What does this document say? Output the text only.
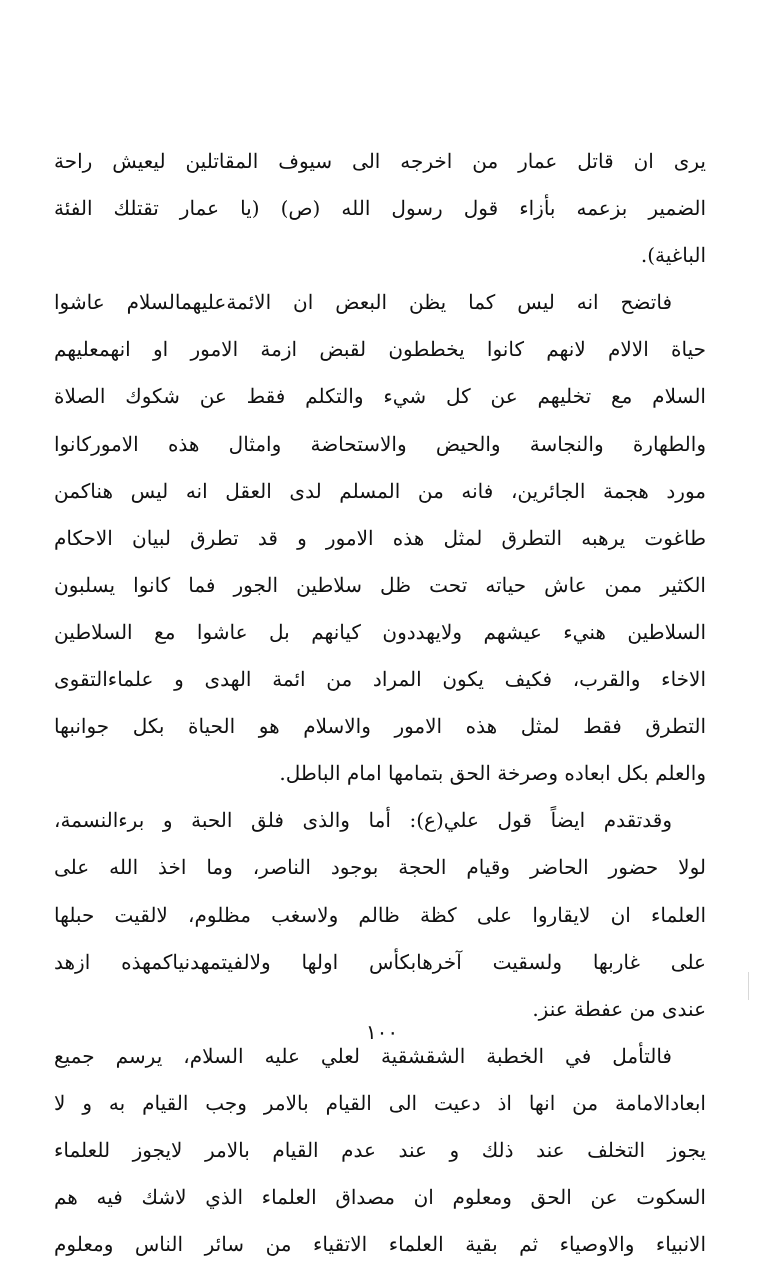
يرى ان قاتل عمار من اخرجه الى سيوف المقاتلين ليعيش راحة
الضمير بزعمه بأزاء قول رسول الله (ص) (يا عمار تقتلك الفئة
الباغية).
فاتضح انه ليس كما يظن البعض ان الائمةعليهمالسلام عاشوا
حياة الالام لانهم كانوا يخططون لقبض ازمة الامور او انهمعليهم
السلام مع تخليهم عن كل شيء والتكلم فقط عن شكوك الصلاة
والطهارة والنجاسة والحيض والاستحاضة وامثال هذه الاموركانوا
مورد هجمة الجائرين، فانه من المسلم لدى العقل انه ليس هناكمن
طاغوت يرهبه التطرق لمثل هذه الامور و قد تطرق لبيان الاحكام
الكثير ممن عاش حياته تحت ظل سلاطين الجور فما كانوا يسلبون
السلاطين هنيء عيشهم ولايهددون كيانهم بل عاشوا مع السلاطين
الاخاء والقرب، فكيف يكون المراد من ائمة الهدى و علماءالتقوى
التطرق فقط لمثل هذه الامور والاسلام هو الحياة بكل جوانبها
والعلم بكل ابعاده وصرخة الحق بتمامها امام الباطل.
وقدتقدم ايضاً قول علي(ع): أما والذى فلق الحبة و برءالنسمة،
لولا حضور الحاضر وقيام الحجة بوجود الناصر، وما اخذ الله على
العلماء ان لايقاروا على كظة ظالم ولاسغب مظلوم، لالقيت حبلها
على غاربها ولسقيت آخرهابكأس اولها ولالفيتمهدنياكمهذه ازهد
عندى من عفطة عنز.
فالتأمل في الخطبة الشقشقية لعلي عليه السلام، يرسم جميع
ابعادالامامة من انها اذ دعيت الى القيام بالامر وجب القيام به و لا
يجوز التخلف عند ذلك و عند عدم القيام بالامر لايجوز للعلماء
السكوت عن الحق ومعلوم ان مصداق العلماء الذي لاشك فيه هم
الانبياء والاوصياء ثم بقية العلماء الاتقياء من سائر الناس ومعلوم
١٠٠
